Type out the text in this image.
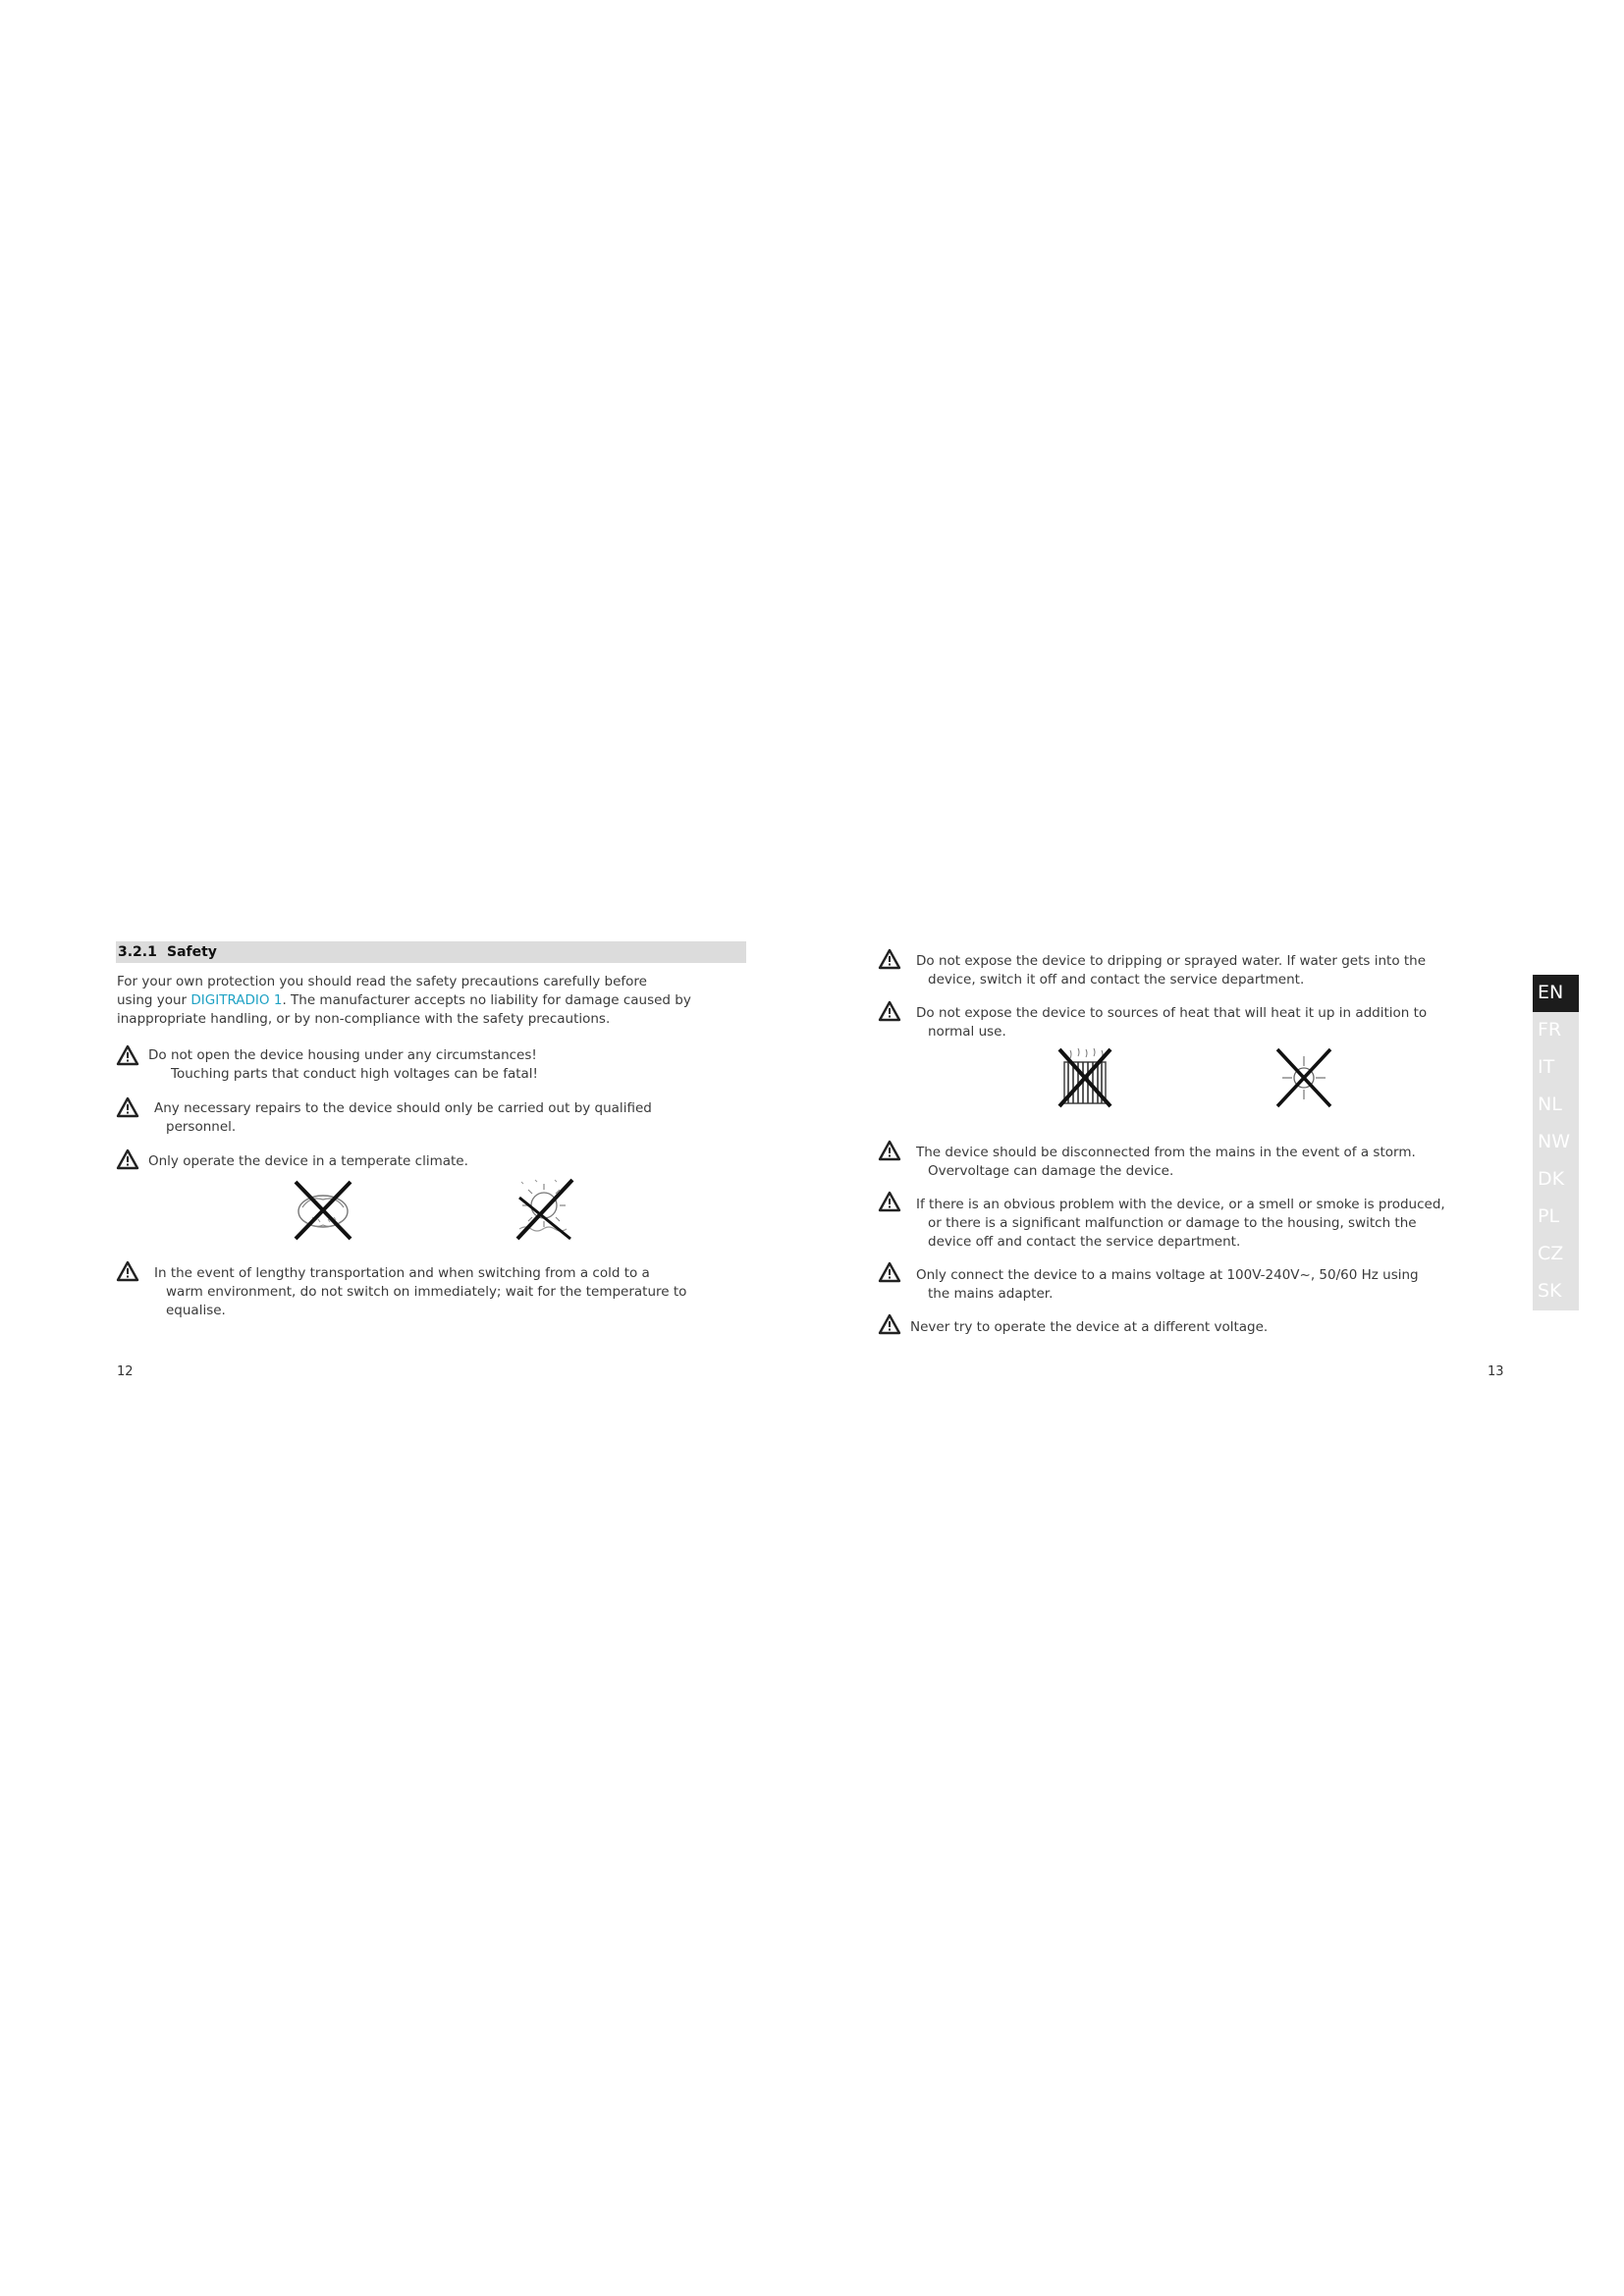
3.2.1 Safety
For your own protection you should read the safety precautions carefully before
using your DIGITRADIO 1. The manufacturer accepts no liability for damage caused by
inappropriate handling, or by non-compliance with the safety precautions.
Do not open the device housing under any circumstances!
Touching parts that conduct high voltages can be fatal!
Any necessary repairs to the device should only be carried out by qualified
personnel.
Only operate the device in a temperate climate.
In the event of lengthy transportation and when switching from a cold to a
warm environment, do not switch on immediately; wait for the temperature to
equalise.
12
Do not expose the device to dripping or sprayed water. If water gets into the
device, switch it off and contact the service department.
Do not expose the device to sources of heat that will heat it up in addition to
normal use.
The device should be disconnected from the mains in the event of a storm.
Overvoltage can damage the device.
If there is an obvious problem with the device, or a smell or smoke is produced,
or there is a significant malfunction or damage to the housing, switch the
device off and contact the service department.
Only connect the device to a mains voltage at 100V-240V~, 50/60 Hz using
the mains adapter.
Never try to operate the device at a different voltage.
13
EN
FR
IT
NL
NW
DK
PL
CZ
SK
